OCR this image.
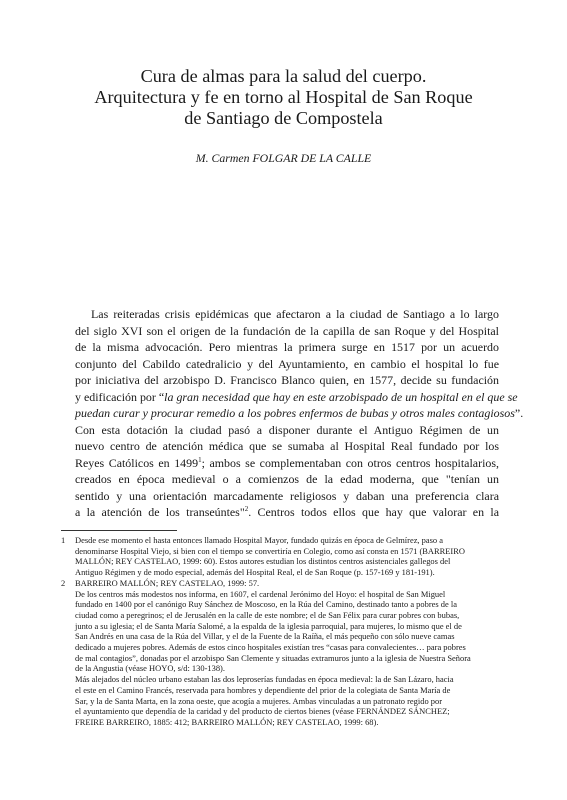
Cura de almas para la salud del cuerpo.
Arquitectura y fe en torno al Hospital de San Roque
de Santiago de Compostela
M. Carmen FOLGAR DE LA CALLE
Las reiteradas crisis epidémicas que afectaron a la ciudad de Santiago a lo largo
del siglo XVI son el origen de la fundación de la capilla de san Roque y del Hospital
de la misma advocación. Pero mientras la primera surge en 1517 por un acuerdo
conjunto del Cabildo catedralicio y del Ayuntamiento, en cambio el hospital lo fue
por iniciativa del arzobispo D. Francisco Blanco quien, en 1577, decide su fundación
y edificación por “la gran necesidad que hay en este arzobispado de un hospital en el que se
puedan curar y procurar remedio a los pobres enfermos de bubas y otros males contagiosos”.
Con esta dotación la ciudad pasó a disponer durante el Antiguo Régimen de un
nuevo centro de atención médica que se sumaba al Hospital Real fundado por los
Reyes Católicos en 1499$^1$; ambos se complementaban con otros centros hospitalarios,
creados en época medieval o a comienzos de la edad moderna, que "tenían un
sentido y una orientación marcadamente religiosos y daban una preferencia clara
a la atención de los transeúntes"$^2$. Centros todos ellos que hay que valorar en la
1 Desde ese momento el hasta entonces llamado Hospital Mayor, fundado quizás en época de Gelmírez, paso a
denominarse Hospital Viejo, si bien con el tiempo se convertiría en Colegio, como así consta en 1571 (BARREIRO
MALLÓN; REY CASTELAO, 1999: 60). Estos autores estudian los distintos centros asistenciales gallegos del
Antiguo Régimen y de modo especial, además del Hospital Real, el de San Roque (p. 157-169 y 181-191).
2 BARREIRO MALLÓN; REY CASTELAO, 1999: 57.
De los centros más modestos nos informa, en 1607, el cardenal Jerónimo del Hoyo: el hospital de San Miguel
fundado en 1400 por el canónigo Ruy Sánchez de Moscoso, en la Rúa del Camino, destinado tanto a pobres de la
ciudad como a peregrinos; el de Jerusalén en la calle de este nombre; el de San Félix para curar pobres con bubas,
junto a su iglesia; el de Santa María Salomé, a la espalda de la iglesia parroquial, para mujeres, lo mismo que el de
San Andrés en una casa de la Rúa del Villar, y el de la Fuente de la Raíña, el más pequeño con sólo nueve camas
dedicado a mujeres pobres. Además de estos cinco hospitales existían tres “casas para convalecientes… para pobres
de mal contagios”, donadas por el arzobispo San Clemente y situadas extramuros junto a la iglesia de Nuestra Señora
de la Angustia (véase HOYO, s/d: 130-138).
Más alejados del núcleo urbano estaban las dos leproserías fundadas en época medieval: la de San Lázaro, hacia
el este en el Camino Francés, reservada para hombres y dependiente del prior de la colegiata de Santa María de
Sar, y la de Santa Marta, en la zona oeste, que acogía a mujeres. Ambas vinculadas a un patronato regido por
el ayuntamiento que dependía de la caridad y del producto de ciertos bienes (véase FERNÁNDEZ SÁNCHEZ;
FREIRE BARREIRO, 1885: 412; BARREIRO MALLÓN; REY CASTELAO, 1999: 68).
